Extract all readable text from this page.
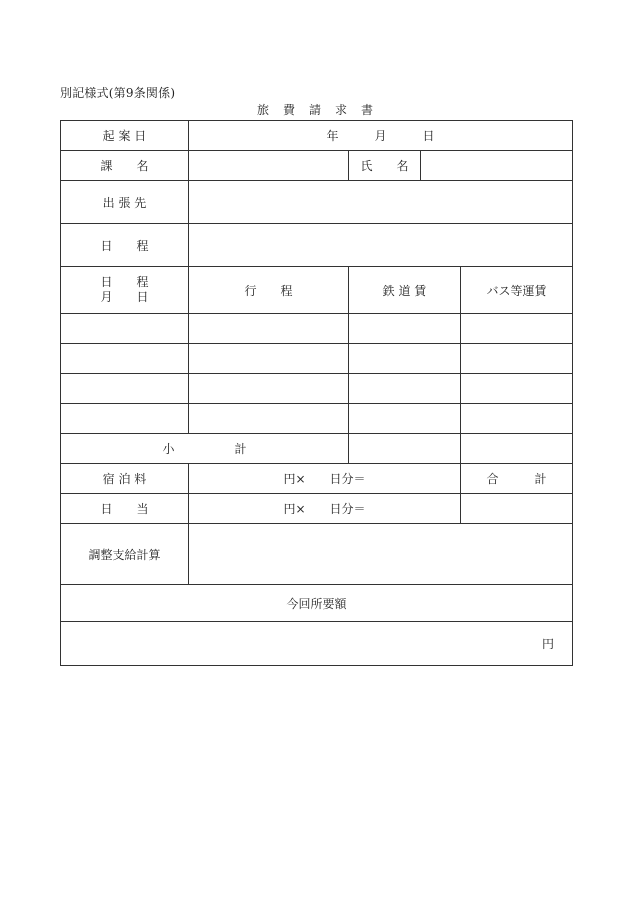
別記様式(第9条関係)
旅費請求書
起 案 日	年　　　月　　　日			
課　　名		氏　　名		
出 張 先				
日　　程				

日　　程
月　　日	行　　程	鉄 道 賃		バス等運賃

小　　　　　計				
宿 泊 料	円×　　日分＝			合　　　計
日　　当	円×　　日分＝			
調整支給計算				
今回所要額				
円				
